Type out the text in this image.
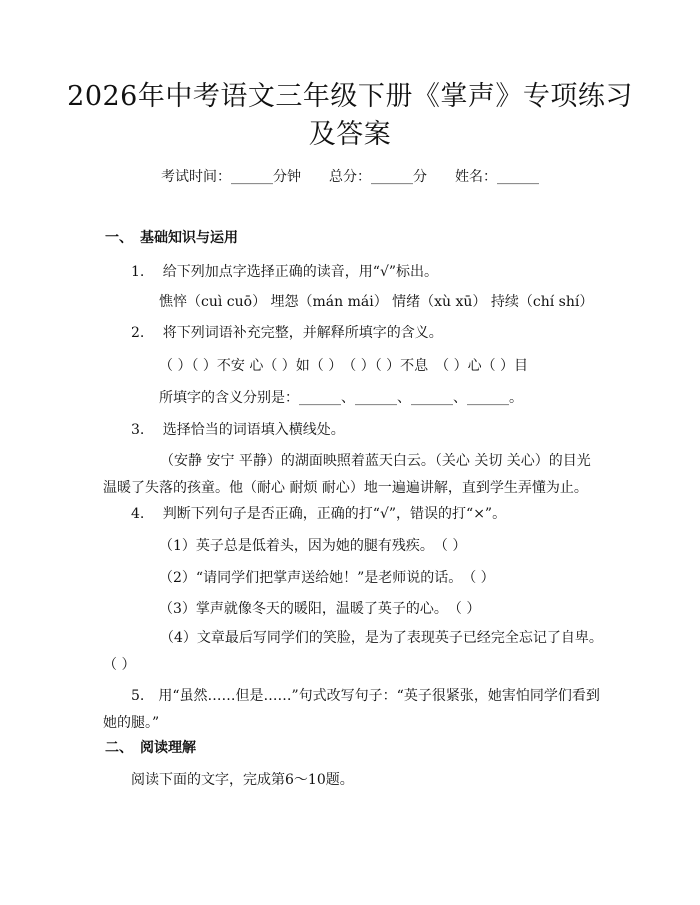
2026年中考语文三年级下册《掌声》专项练习及答案
考试时间：______分钟 总分：______分 姓名：______
一、　基础知识与运用
1.　 给下列加点字选择正确的读音，用“√”标出。
憔悴（cuì cuō） 埋怨（mán mái） 情绪（xù xū） 持续（chí shí）
2.　 将下列词语补充完整，并解释所填字的含义。
（ ）（ ）不安 心（ ）如（ ）　（ ）（ ）不息　（ ）心（ ）目
所填字的含义分别是：______、______、______、______。
3.　 选择恰当的词语填入横线处。
（安静 安宁 平静）的湖面映照着蓝天白云。（关心 关切 关心）的目光温暖了失落的孩童。他（耐心 耐烦 耐心）地一遍遍讲解，直到学生弄懂为止。
4.　 判断下列句子是否正确，正确的打“√”，错误的打“×”。
（1）英子总是低着头，因为她的腿有残疾。　（ ）
（2）“请同学们把掌声送给她！”是老师说的话。　（ ）
（3）掌声就像冬天的暖阳，温暖了英子的心。　（ ）
（4）文章最后写同学们的笑脸，是为了表现英子已经完全忘记了自卑。（ ）
5.　用“虽然……但是……”句式改写句子：“英子很紧张，她害怕同学们看到她的腿。”
二、　阅读理解
阅读下面的文字，完成第6～10题。
